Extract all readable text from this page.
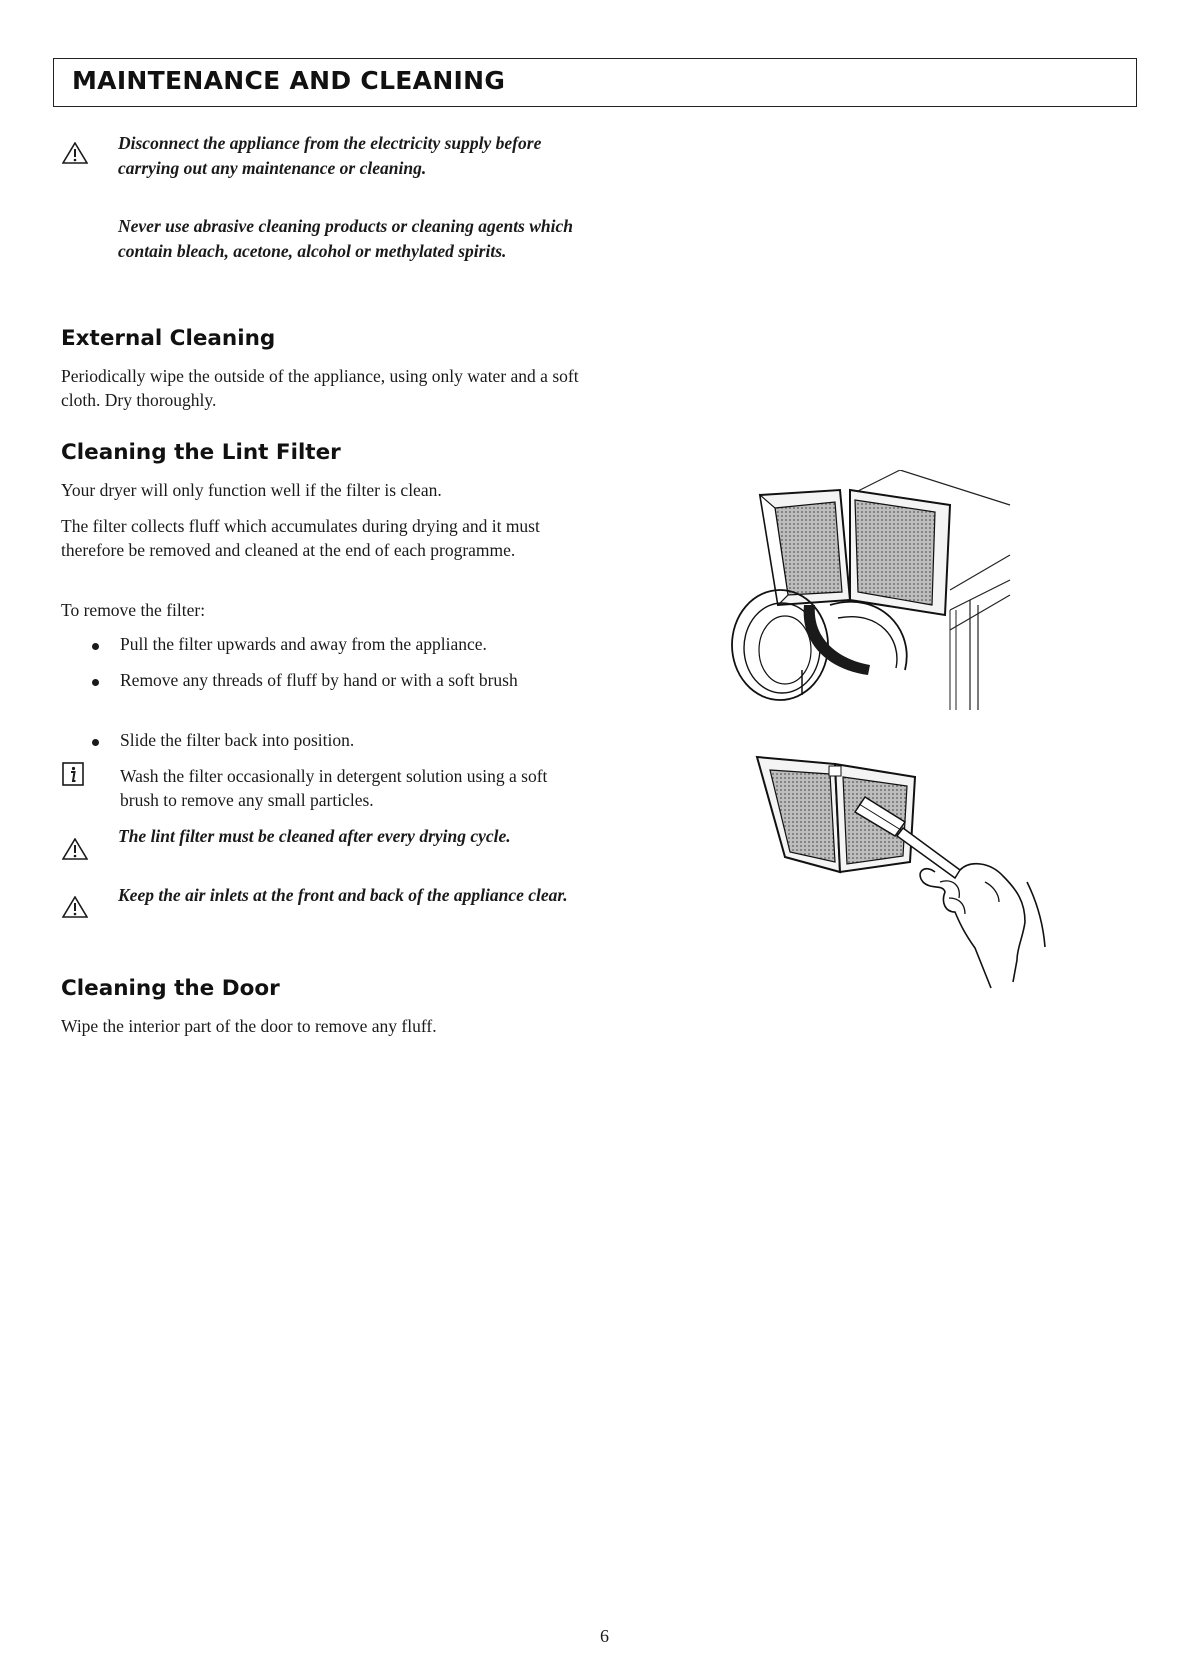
MAINTENANCE AND CLEANING
Disconnect the appliance from the electricity supply before carrying out any maintenance or cleaning.
Never use abrasive cleaning products or cleaning agents which contain bleach, acetone, alcohol or methylated spirits.
External Cleaning
Periodically wipe the outside of the appliance, using only water and a soft cloth. Dry thoroughly.
Cleaning the Lint Filter
Your dryer will only function well if the filter is clean.
The filter collects fluff which accumulates during drying and it must therefore be removed and cleaned at the end of each programme.
To remove the filter:
Pull the filter upwards and away from the appliance.
Remove any threads of fluff by hand or with a soft brush
Slide the filter back into position.
Wash the filter occasionally in detergent solution using a soft brush to remove any small particles.
The lint filter must be cleaned after every drying cycle.
Keep the air inlets at the front and back of the appliance clear.
Cleaning the Door
Wipe the interior part of the door to remove any fluff.
6
